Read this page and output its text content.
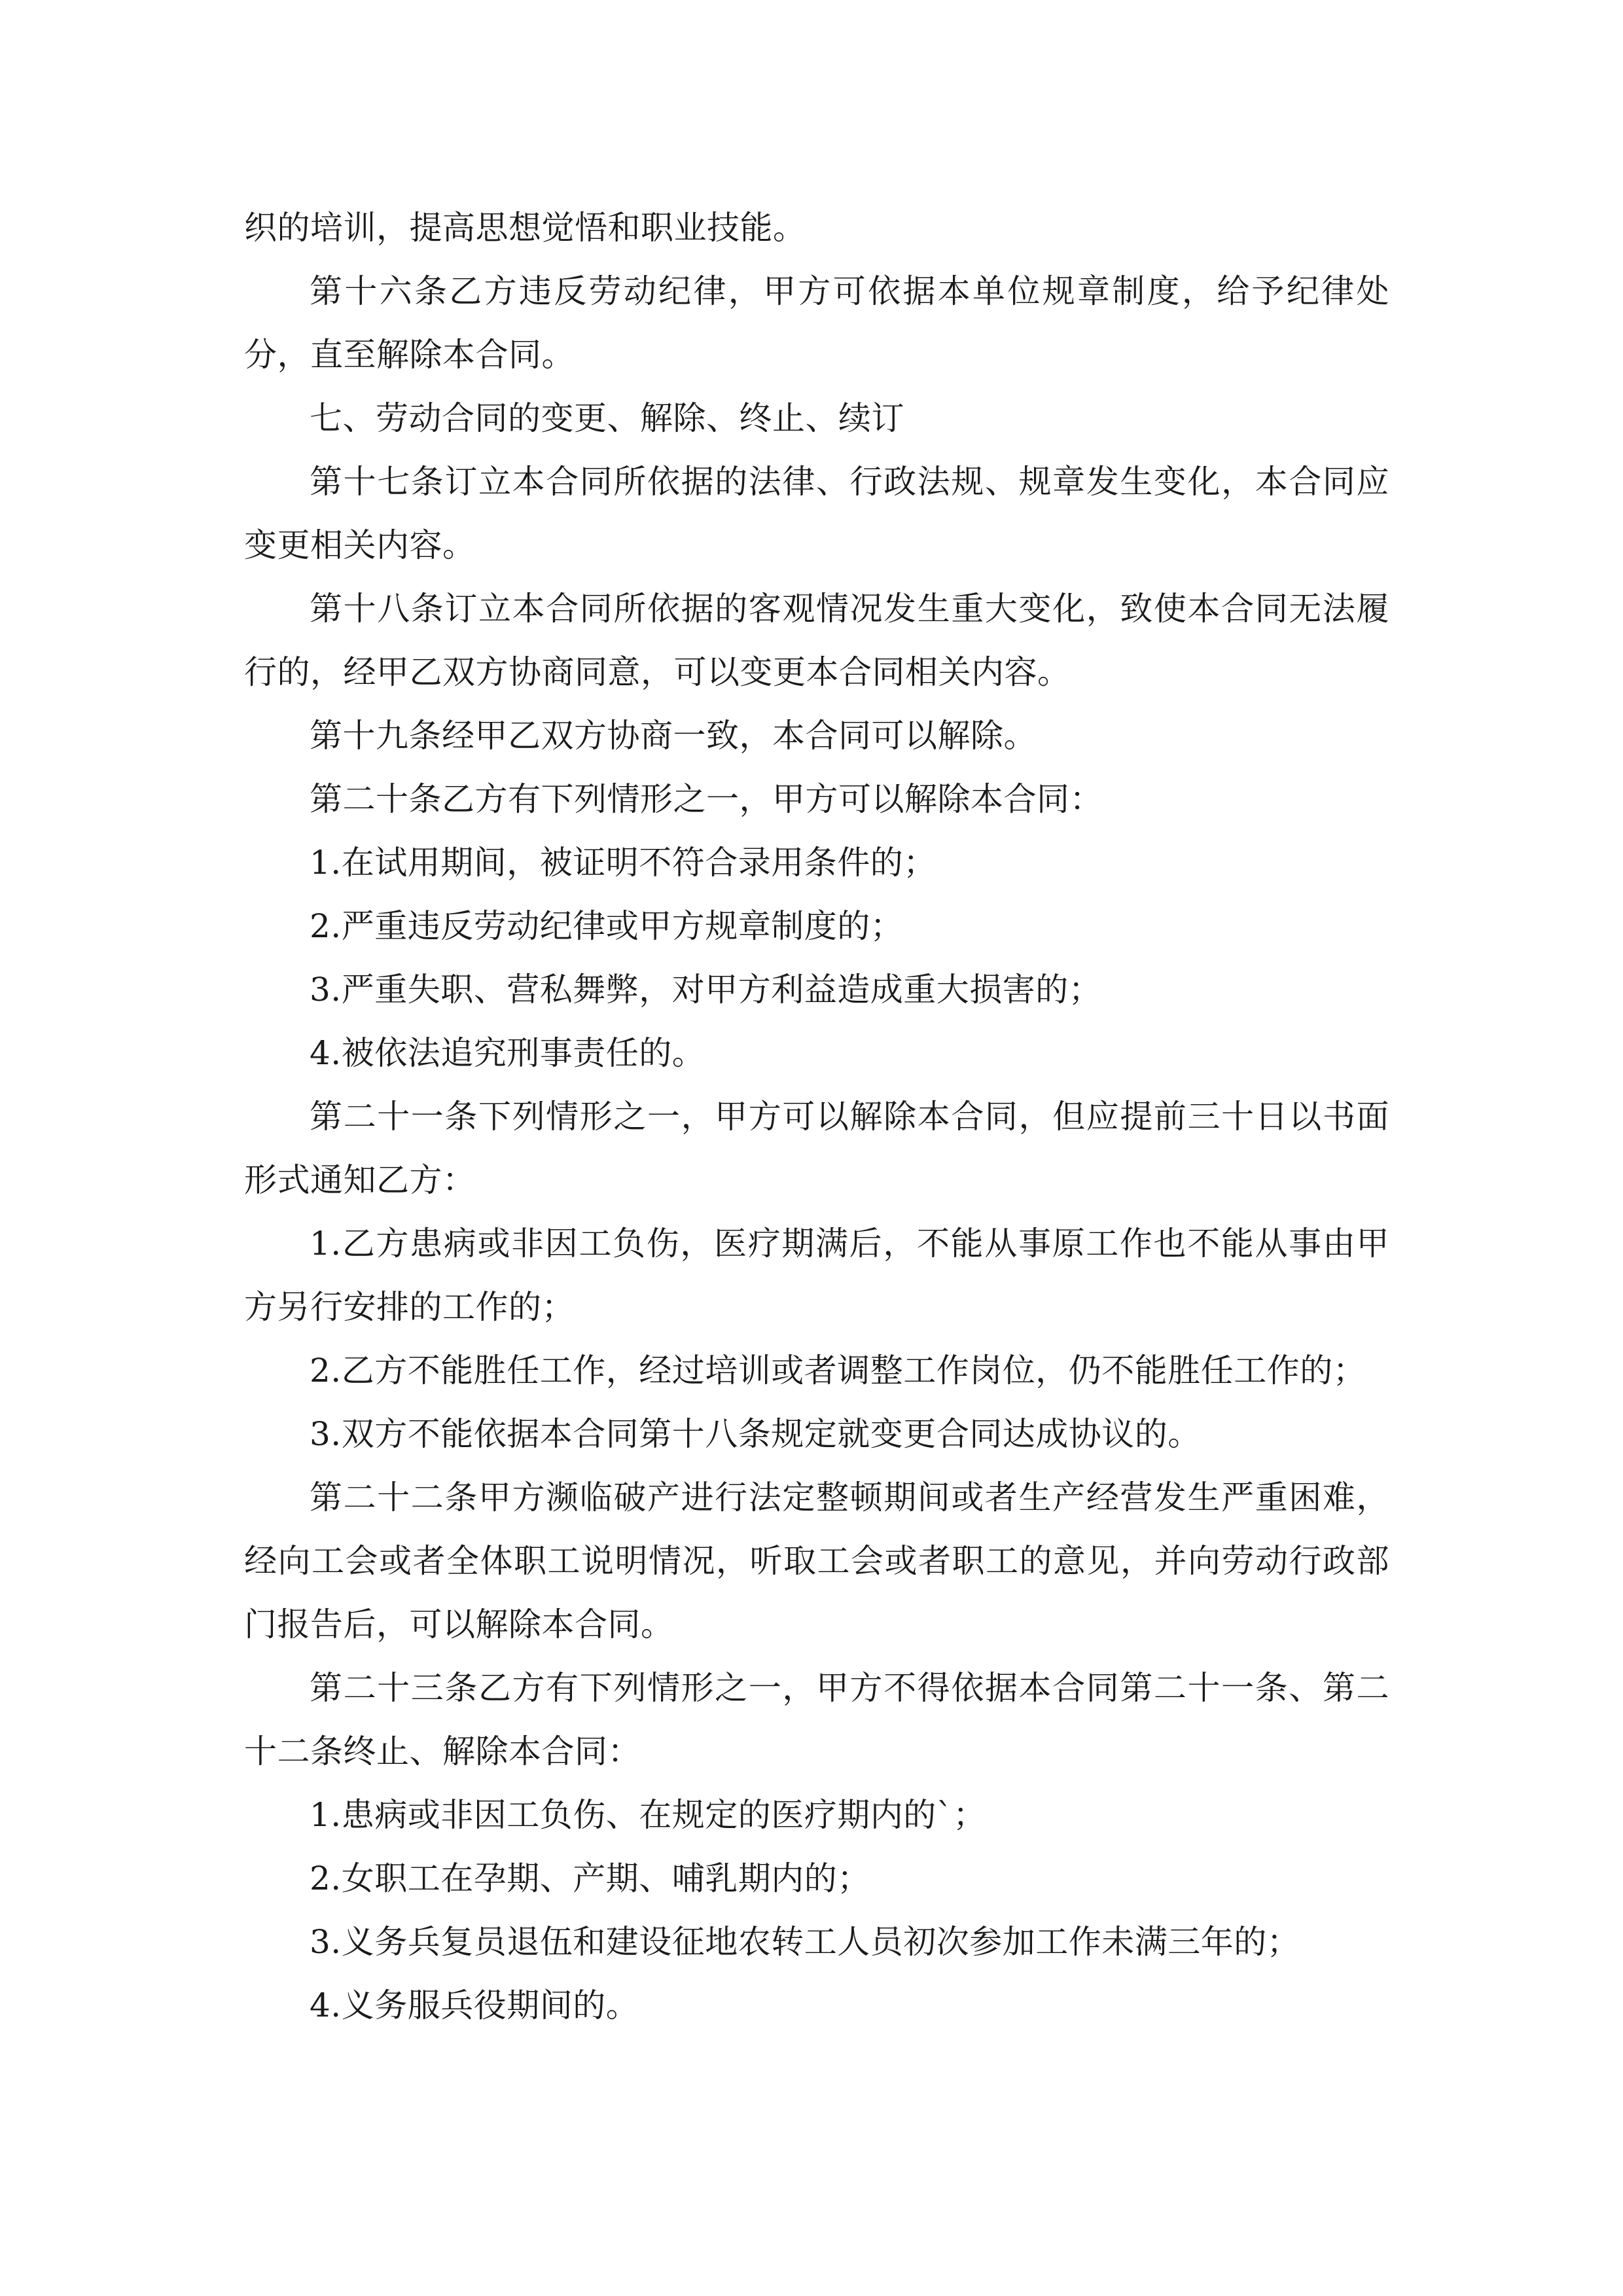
织的培训，提高思想觉悟和职业技能。

第十六条乙方违反劳动纪律，甲方可依据本单位规章制度，给予纪律处分，直至解除本合同。

七、劳动合同的变更、解除、终止、续订

第十七条订立本合同所依据的法律、行政法规、规章发生变化，本合同应变更相关内容。

第十八条订立本合同所依据的客观情况发生重大变化，致使本合同无法履行的，经甲乙双方协商同意，可以变更本合同相关内容。

第十九条经甲乙双方协商一致，本合同可以解除。

第二十条乙方有下列情形之一，甲方可以解除本合同：

1.在试用期间，被证明不符合录用条件的；

2.严重违反劳动纪律或甲方规章制度的；

3.严重失职、营私舞弊，对甲方利益造成重大损害的；

4.被依法追究刑事责任的。

第二十一条下列情形之一，甲方可以解除本合同，但应提前三十日以书面形式通知乙方：

1.乙方患病或非因工负伤，医疗期满后，不能从事原工作也不能从事由甲方另行安排的工作的；

2.乙方不能胜任工作，经过培训或者调整工作岗位，仍不能胜任工作的；

3.双方不能依据本合同第十八条规定就变更合同达成协议的。

第二十二条甲方濒临破产进行法定整顿期间或者生产经营发生严重困难，经向工会或者全体职工说明情况，听取工会或者职工的意见，并向劳动行政部门报告后，可以解除本合同。

第二十三条乙方有下列情形之一，甲方不得依据本合同第二十一条、第二十二条终止、解除本合同：

1.患病或非因工负伤、在规定的医疗期内的`；

2.女职工在孕期、产期、哺乳期内的；

3.义务兵复员退伍和建设征地农转工人员初次参加工作未满三年的；

4.义务服兵役期间的。
